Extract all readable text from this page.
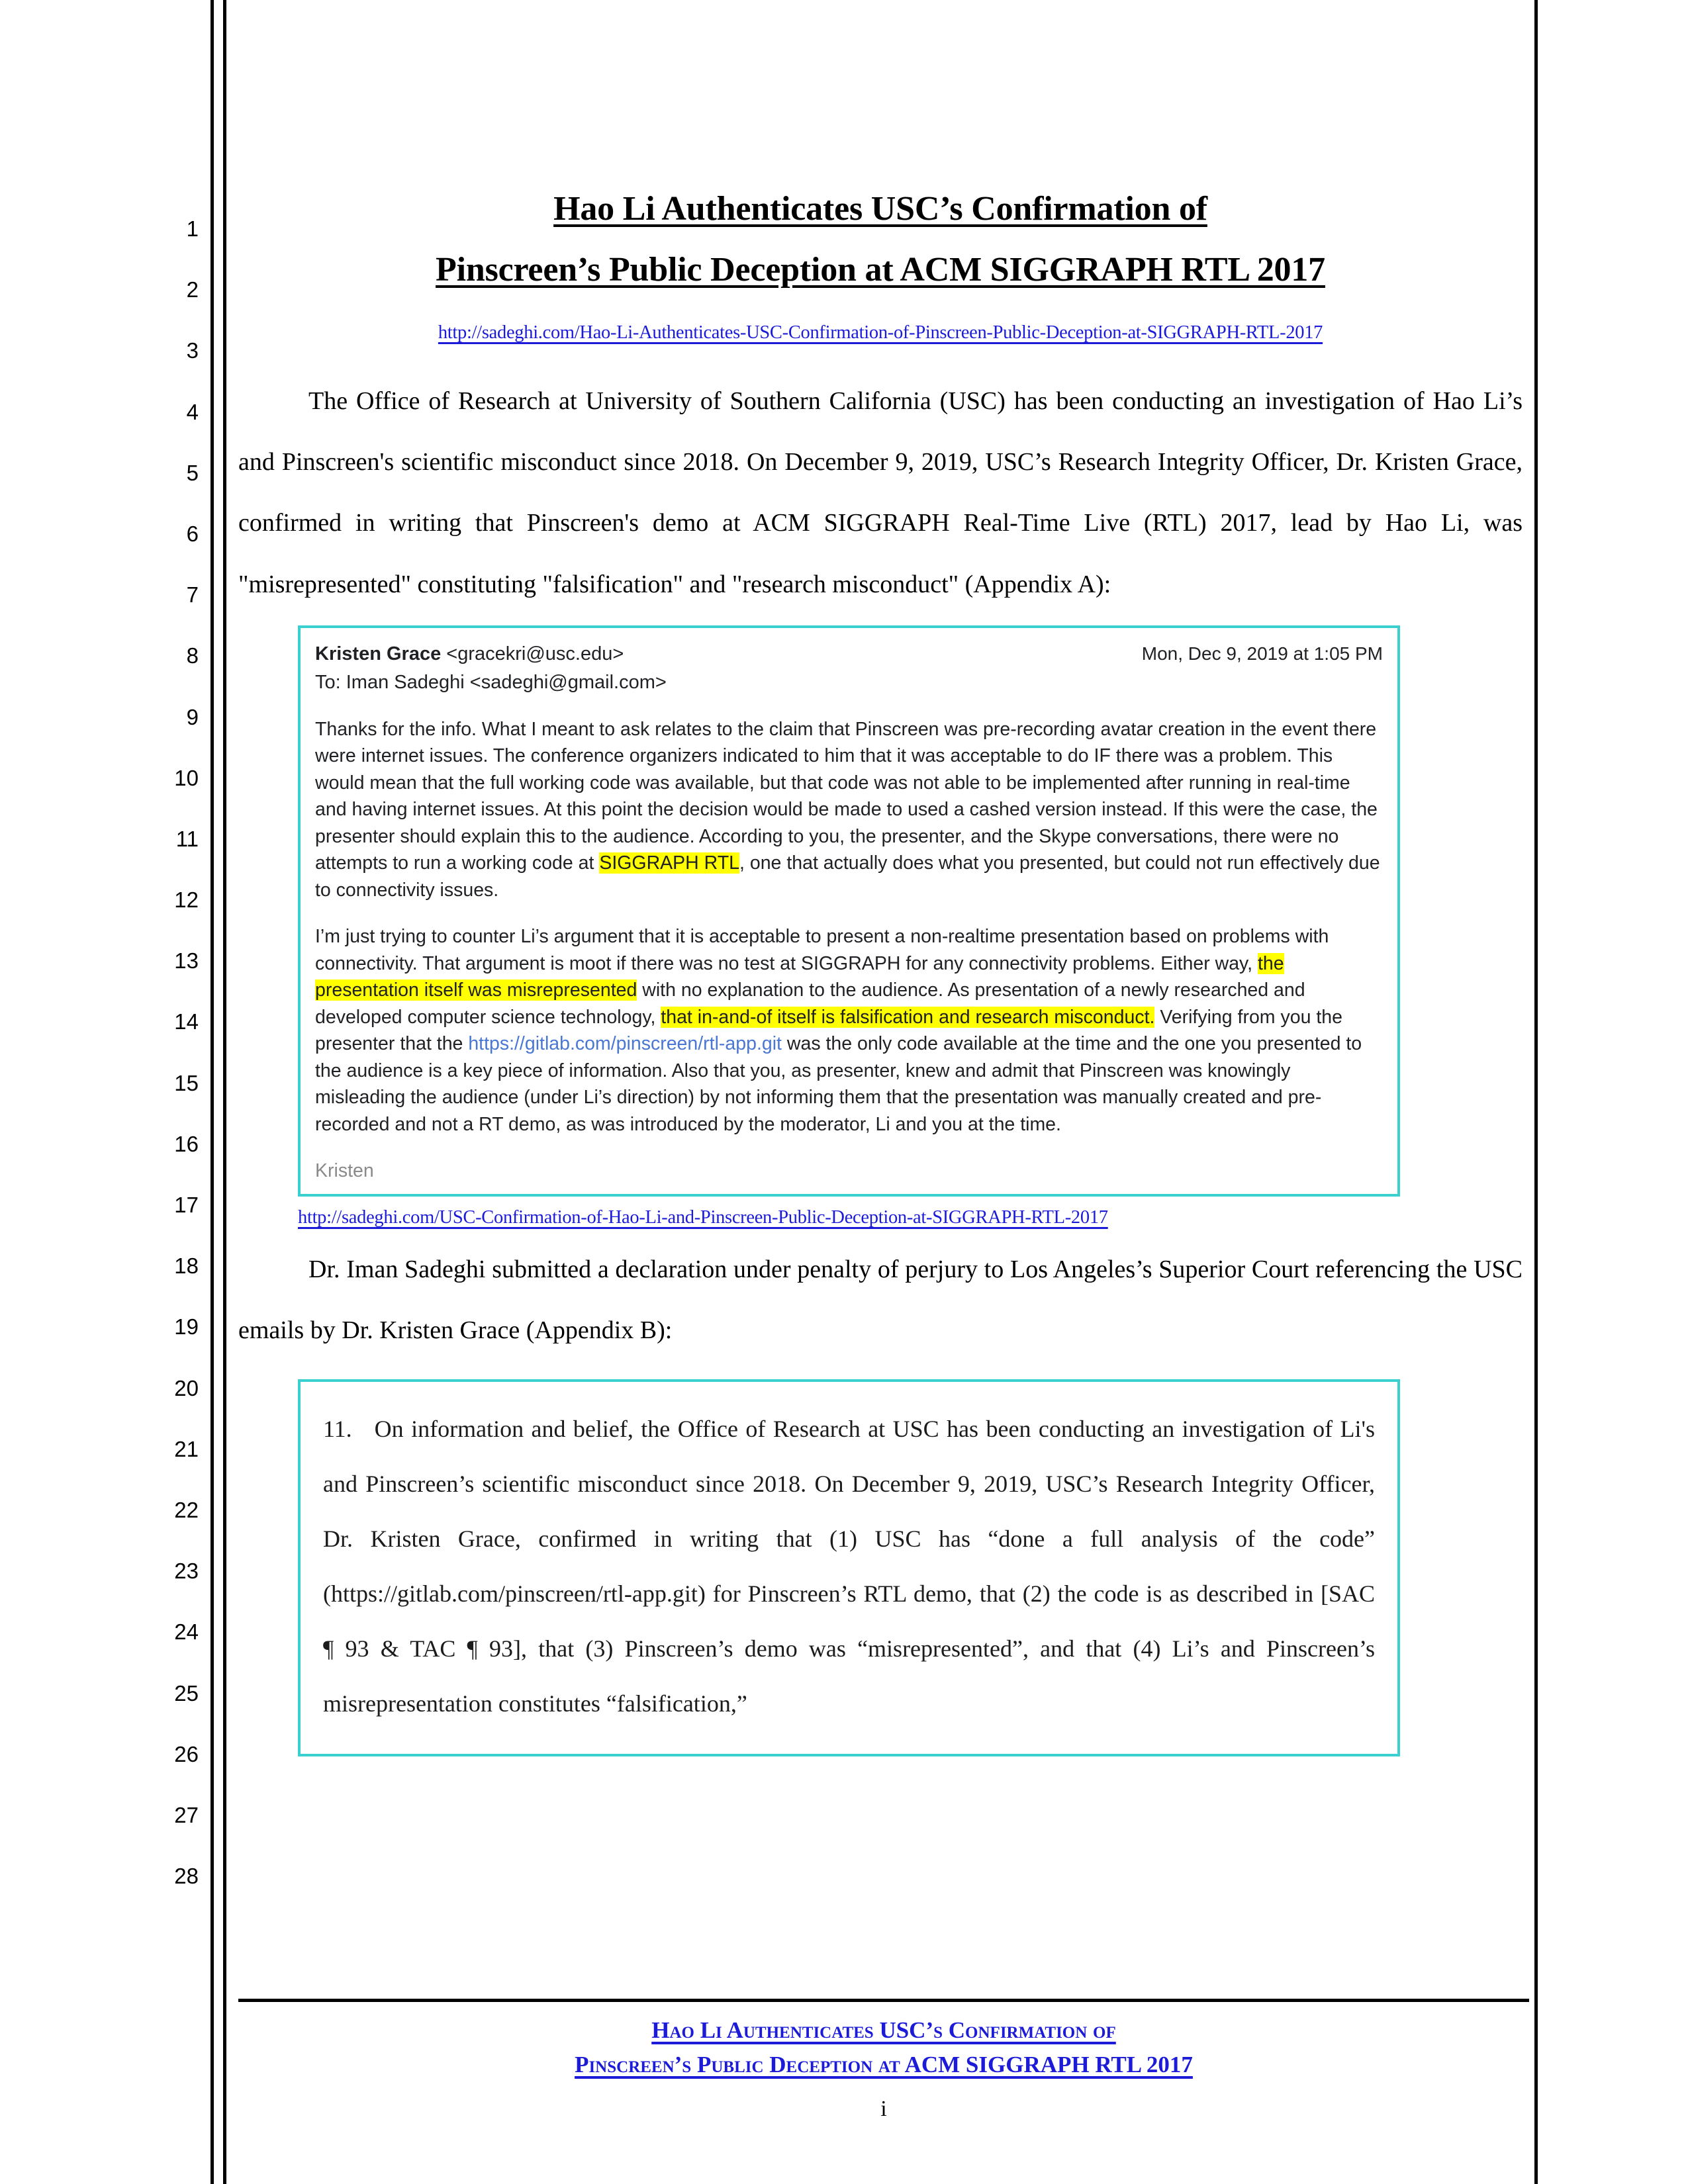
1
2
3
4
5
6
7
8
9
10
11
12
13
14
15
16
17
18
19
20
21
22
23
24
25
26
27
28
Hao Li Authenticates USC’s Confirmation of
Pinscreen’s Public Deception at ACM SIGGRAPH RTL 2017
http://sadeghi.com/Hao-Li-Authenticates-USC-Confirmation-of-Pinscreen-Public-Deception-at-SIGGRAPH-RTL-2017

The Office of Research at University of Southern California (USC) has been conducting an investigation of Hao Li’s and Pinscreen's scientific misconduct since 2018. On December 9, 2019, USC’s Research Integrity Officer, Dr. Kristen Grace, confirmed in writing that Pinscreen's demo at ACM SIGGRAPH Real-Time Live (RTL) 2017, lead by Hao Li, was "misrepresented" constituting "falsification" and "research misconduct" (Appendix A):

Kristen Grace <gracekri@usc.edu>	Mon, Dec 9, 2019 at 1:05 PM
To: Iman Sadeghi <sadeghi@gmail.com>

Thanks for the info. What I meant to ask relates to the claim that Pinscreen was pre-recording avatar creation in the event there were internet issues. The conference organizers indicated to him that it was acceptable to do IF there was a problem. This would mean that the full working code was available, but that code was not able to be implemented after running in real-time and having internet issues. At this point the decision would be made to used a cashed version instead. If this were the case, the presenter should explain this to the audience. According to you, the presenter, and the Skype conversations, there were no attempts to run a working code at SIGGRAPH RTL, one that actually does what you presented, but could not run effectively due to connectivity issues.

I’m just trying to counter Li’s argument that it is acceptable to present a non-realtime presentation based on problems with connectivity. That argument is moot if there was no test at SIGGRAPH for any connectivity problems. Either way, the presentation itself was misrepresented with no explanation to the audience. As presentation of a newly researched and developed computer science technology, that in-and-of itself is falsification and research misconduct. Verifying from you the presenter that the https://gitlab.com/pinscreen/rtl-app.git was the only code available at the time and the one you presented to the audience is a key piece of information. Also that you, as presenter, knew and admit that Pinscreen was knowingly misleading the audience (under Li’s direction) by not informing them that the presentation was manually created and pre-recorded and not a RT demo, as was introduced by the moderator, Li and you at the time.

Kristen

http://sadeghi.com/USC-Confirmation-of-Hao-Li-and-Pinscreen-Public-Deception-at-SIGGRAPH-RTL-2017

Dr. Iman Sadeghi submitted a declaration under penalty of perjury to Los Angeles’s Superior Court referencing the USC emails by Dr. Kristen Grace (Appendix B):

11. On information and belief, the Office of Research at USC has been conducting an investigation of Li's and Pinscreen’s scientific misconduct since 2018. On December 9, 2019, USC’s Research Integrity Officer, Dr. Kristen Grace, confirmed in writing that (1) USC has “done a full analysis of the code” (https://gitlab.com/pinscreen/rtl-app.git) for Pinscreen’s RTL demo, that (2) the code is as described in [SAC ¶ 93 & TAC ¶ 93], that (3) Pinscreen’s demo was “misrepresented”, and that (4) Li’s and Pinscreen’s misrepresentation constitutes “falsification,”

Hao Li Authenticates USC’s Confirmation of
Pinscreen’s Public Deception at ACM SIGGRAPH RTL 2017
i
